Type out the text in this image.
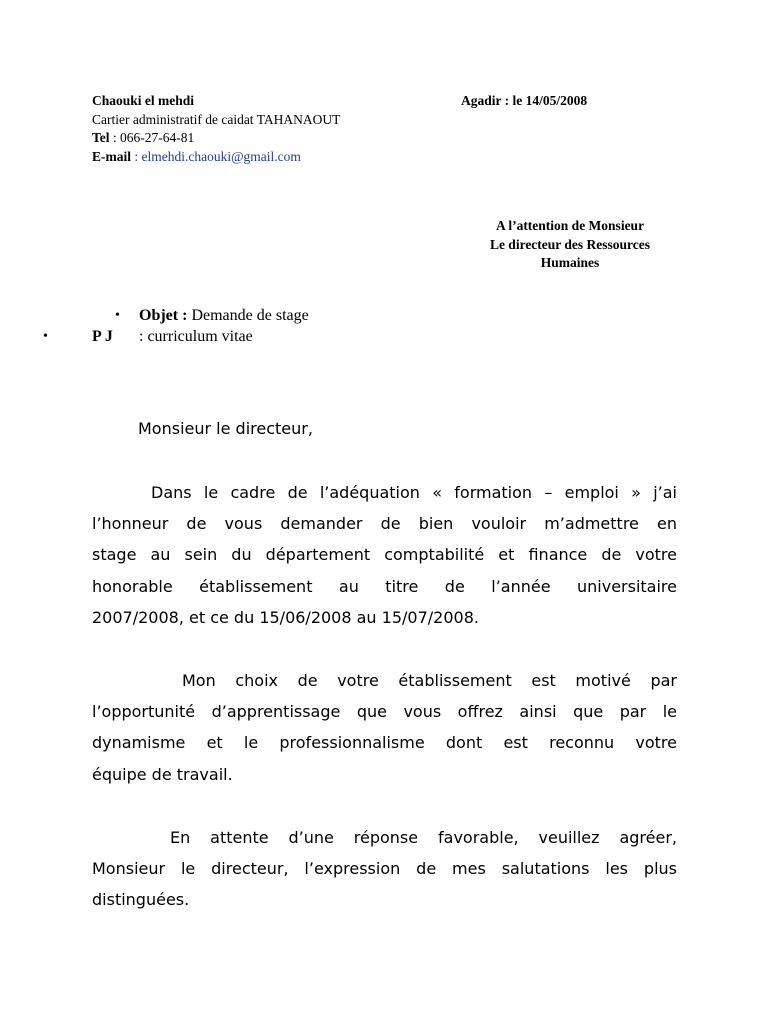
Chaouki el mehdi
Cartier administratif de caidat TAHANAOUT
Tel : 066-27-64-81
E-mail : elmehdi.chaouki@gmail.com
Agadir : le 14/05/2008
A l’attention de Monsieur
Le directeur des Ressources
Humaines
• Objet : Demande de stage
•	P J : curriculum vitae
Monsieur le directeur,
Dans le cadre de l’adéquation « formation – emploi » j’ai
l’honneur de vous demander de bien vouloir m’admettre en
stage au sein du département comptabilité et finance de votre
honorable établissement au titre de l’année universitaire
2007/2008, et ce du 15/06/2008 au 15/07/2008.
Mon choix de votre établissement est motivé par
l’opportunité d’apprentissage que vous offrez ainsi que par le
dynamisme et le professionnalisme dont est reconnu votre
équipe de travail.
En attente d’une réponse favorable, veuillez agréer,
Monsieur le directeur, l’expression de mes salutations les plus
distinguées.
